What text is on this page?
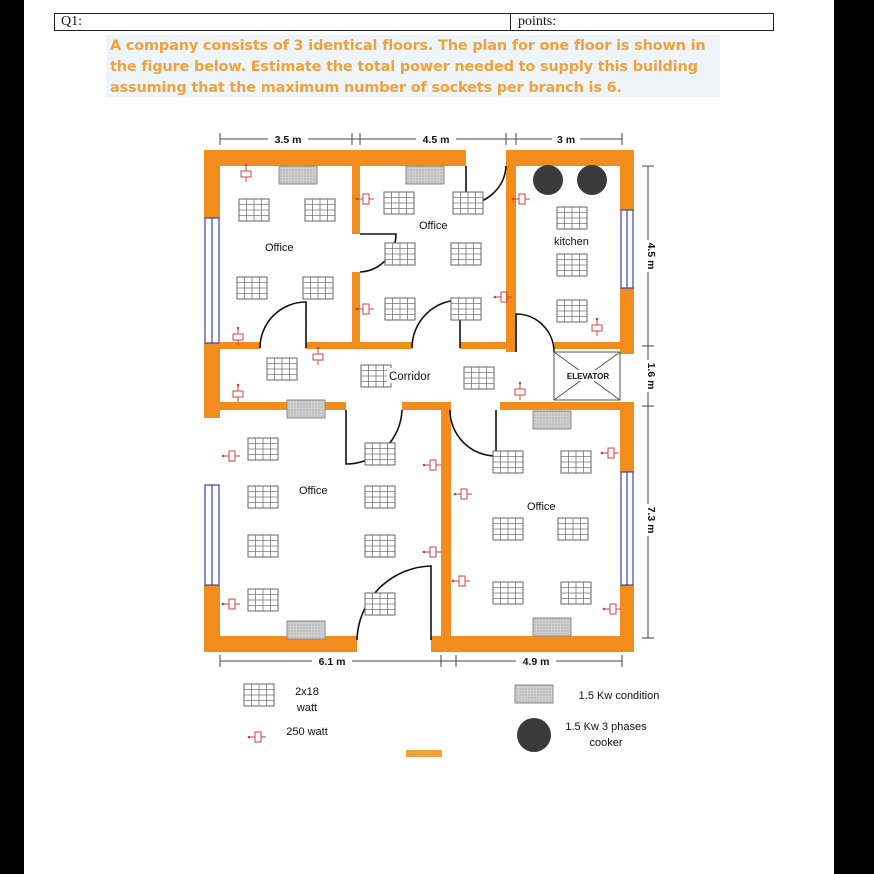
Q1:	points:
A company consists of 3 identical floors. The plan for one floor is shown in the figure below. Estimate the total power needed to supply this building assuming that the maximum number of sockets per branch is 6.
ELEVATOR
Office
Office
kitchen
Corridor
Office
Office
3.5 m	4.5 m	3 m
4.5 m
1.6 m
7.3 m
6.1 m	4.9 m
2x18 watt
250 watt
1.5 Kw condition
1.5 Kw 3 phases cooker
